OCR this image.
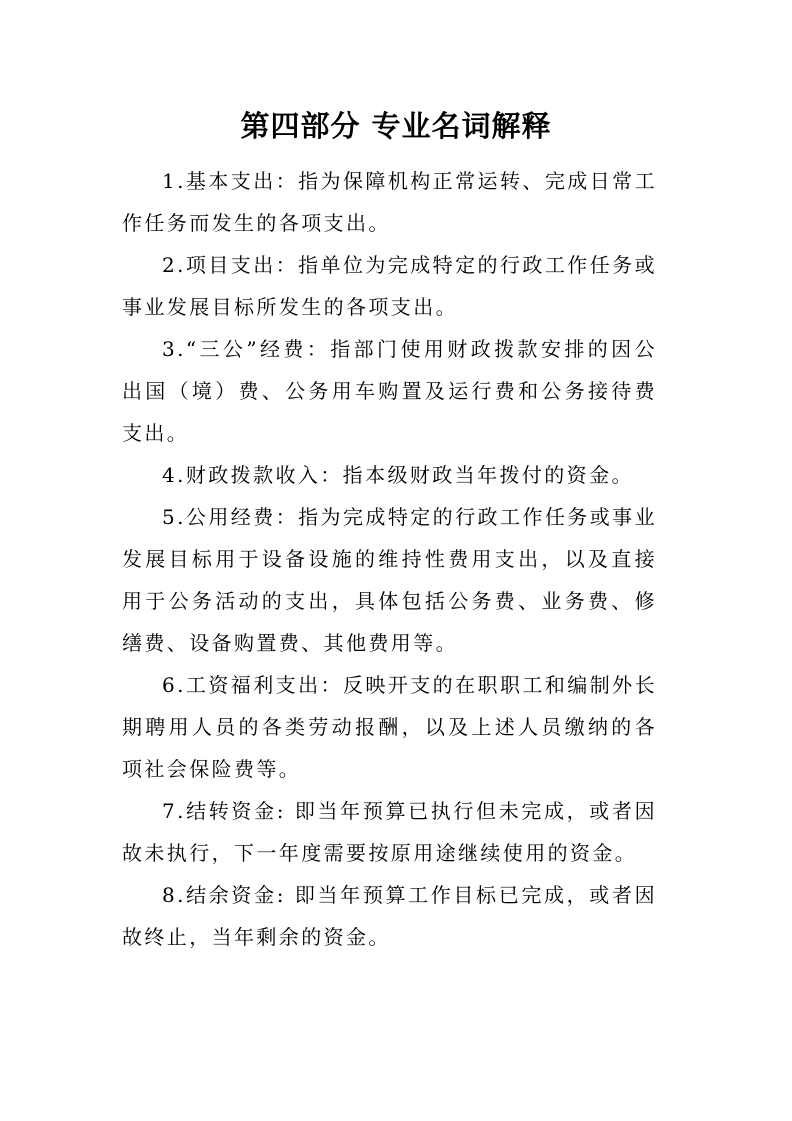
第四部分 专业名词解释

1.基本支出：指为保障机构正常运转、完成日常工作任务而发生的各项支出。

2.项目支出：指单位为完成特定的行政工作任务或事业发展目标所发生的各项支出。

3.“三公”经费：指部门使用财政拨款安排的因公出国（境）费、公务用车购置及运行费和公务接待费支出。

4.财政拨款收入：指本级财政当年拨付的资金。

5.公用经费：指为完成特定的行政工作任务或事业发展目标用于设备设施的维持性费用支出，以及直接用于公务活动的支出，具体包括公务费、业务费、修缮费、设备购置费、其他费用等。

6.工资福利支出：反映开支的在职职工和编制外长期聘用人员的各类劳动报酬，以及上述人员缴纳的各项社会保险费等。

7.结转资金: 即当年预算已执行但未完成，或者因故未执行，下一年度需要按原用途继续使用的资金。

8.结余资金: 即当年预算工作目标已完成，或者因故终止，当年剩余的资金。
